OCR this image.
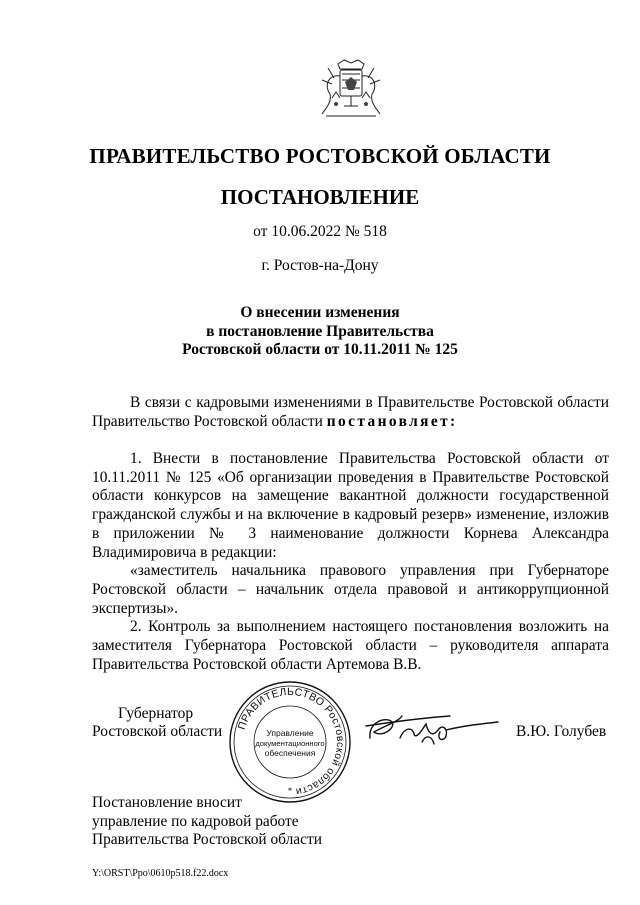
ПРАВИТЕЛЬСТВО РОСТОВСКОЙ ОБЛАСТИ
ПОСТАНОВЛЕНИЕ
от 10.06.2022 № 518
г. Ростов-на-Дону
О внесении изменения
в постановление Правительства
Ростовской области от 10.11.2011 № 125

В связи с кадровыми изменениями в Правительстве Ростовской области Правительство Ростовской области постановляет:

1. Внести в постановление Правительства Ростовской области от 10.11.2011 № 125 «Об организации проведения в Правительстве Ростовской области конкурсов на замещение вакантной должности государственной гражданской службы и на включение в кадровый резерв» изменение, изложив в приложении № 3 наименование должности Корнева Александра Владимировича в редакции:

«заместитель начальника правового управления при Губернаторе Ростовской области – начальник отдела правовой и антикоррупционной экспертизы».

2. Контроль за выполнением настоящего постановления возложить на заместителя Губернатора Ростовской области – руководителя аппарата Правительства Ростовской области Артемова В.В.

Губернатор
Ростовской области ПРАВИТЕЛЬСТВО Ростовской области
Управление
документационного
обеспечения
*
В.Ю. Голубев
Постановление вносит
управление по кадровой работе
Правительства Ростовской области
Y:\ORST\Ppo\0610p518.f22.docx
